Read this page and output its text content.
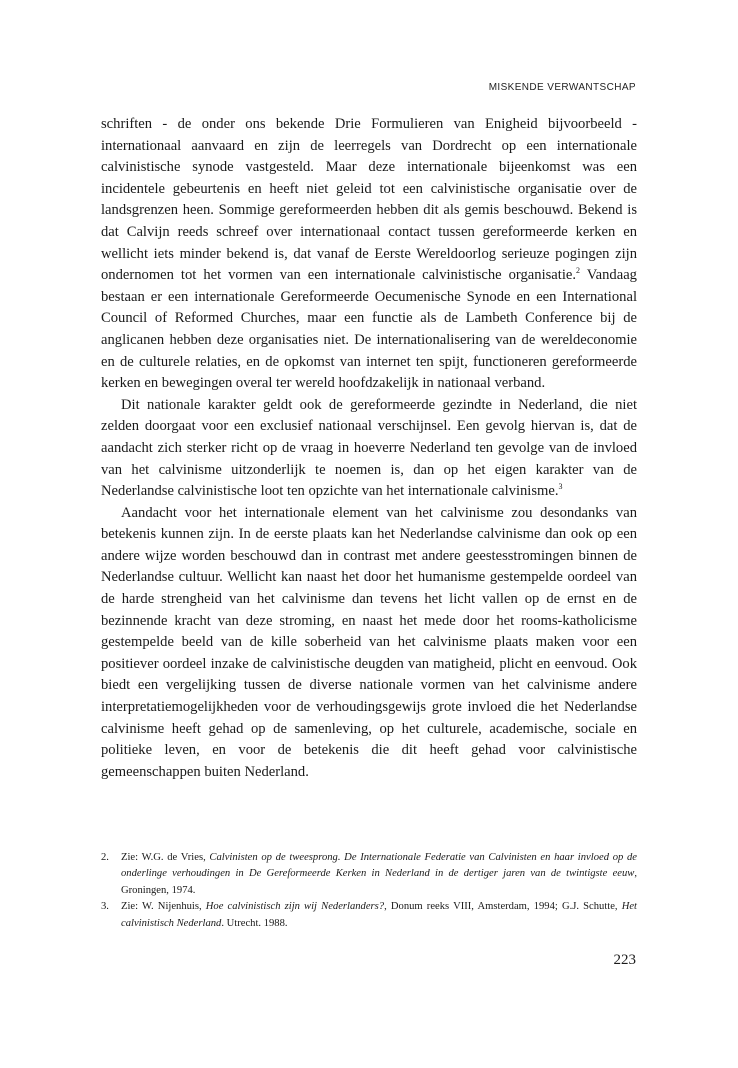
MISKENDE VERWANTSCHAP

schriften - de onder ons bekende Drie Formulieren van Enigheid bijvoorbeeld - internationaal aanvaard en zijn de leerregels van Dordrecht op een internationale calvinistische synode vastgesteld. Maar deze internationale bijeenkomst was een incidentele gebeurtenis en heeft niet geleid tot een calvinistische organisatie over de landsgrenzen heen. Sommige gereformeerden hebben dit als gemis beschouwd. Bekend is dat Calvijn reeds schreef over internationaal contact tussen gereformeerde kerken en wellicht iets minder bekend is, dat vanaf de Eerste Wereldoorlog serieuze pogingen zijn ondernomen tot het vormen van een internationale calvinistische organisatie.$^2$ Vandaag bestaan er een internationale Gereformeerde Oecumenische Synode en een International Council of Reformed Churches, maar een functie als de Lambeth Conference bij de anglicanen hebben deze organisaties niet. De internationalisering van de wereldeconomie en de culturele relaties, en de opkomst van internet ten spijt, functioneren gereformeerde kerken en bewegingen overal ter wereld hoofdzakelijk in nationaal verband.

Dit nationale karakter geldt ook de gereformeerde gezindte in Nederland, die niet zelden doorgaat voor een exclusief nationaal verschijnsel. Een gevolg hiervan is, dat de aandacht zich sterker richt op de vraag in hoeverre Nederland ten gevolge van de invloed van het calvinisme uitzonderlijk te noemen is, dan op het eigen karakter van de Nederlandse calvinistische loot ten opzichte van het internationale calvinisme.$^3$

Aandacht voor het internationale element van het calvinisme zou desondanks van betekenis kunnen zijn. In de eerste plaats kan het Nederlandse calvinisme dan ook op een andere wijze worden beschouwd dan in contrast met andere geestesstromingen binnen de Nederlandse cultuur. Wellicht kan naast het door het humanisme gestempelde oordeel van de harde strengheid van het calvinisme dan tevens het licht vallen op de ernst en de bezinnende kracht van deze stroming, en naast het mede door het rooms-katholicisme gestempelde beeld van de kille soberheid van het calvinisme plaats maken voor een positiever oordeel inzake de calvinistische deugden van matigheid, plicht en eenvoud. Ook biedt een vergelijking tussen de diverse nationale vormen van het calvinisme andere interpretatiemogelijkheden voor de verhoudingsgewijs grote invloed die het Nederlandse calvinisme heeft gehad op de samenleving, op het culturele, academische, sociale en politieke leven, en voor de betekenis die dit heeft gehad voor calvinistische gemeenschappen buiten Nederland.

2. Zie: W.G. de Vries, Calvinisten op de tweesprong. De Internationale Federatie van Calvinisten en haar invloed op de onderlinge verhoudingen in De Gereformeerde Kerken in Nederland in de dertiger jaren van de twintigste eeuw, Groningen, 1974.

3. Zie: W. Nijenhuis, Hoe calvinistisch zijn wij Nederlanders?, Donum reeks VIII, Amsterdam, 1994; G.J. Schutte, Het calvinistisch Nederland. Utrecht. 1988.

223
